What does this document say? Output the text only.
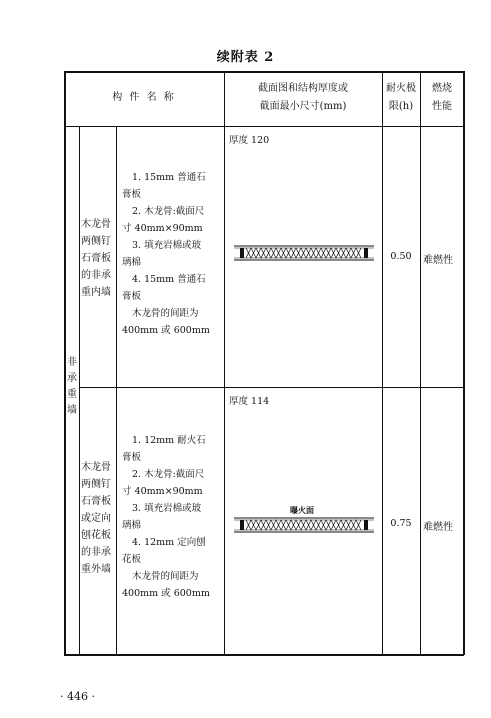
续附表 2
构 件 名 称
截面图和结构厚度或
截面最小尺寸(mm)
耐火极
限(h)
燃烧
性能
非
承
重
墙
木龙骨
两侧钉
石膏板
的非承
重内墙
1. 15mm 普通石
膏板
2. 木龙骨:截面尺
寸 40mm×90mm
3. 填充岩棉或玻
璃棉
4. 15mm 普通石
膏板
木龙骨的间距为
400mm 或 600mm
厚度 120
0.50	难燃性
木龙骨
两侧钉
石膏板
或定向
刨花板
的非承
重外墙
1. 12mm 耐火石
膏板
2. 木龙骨:截面尺
寸 40mm×90mm
3. 填充岩棉或玻
璃棉
4. 12mm 定向刨
花板
木龙骨的间距为
400mm 或 600mm
厚度 114
曝火面
0.75	难燃性
· 446 ·
